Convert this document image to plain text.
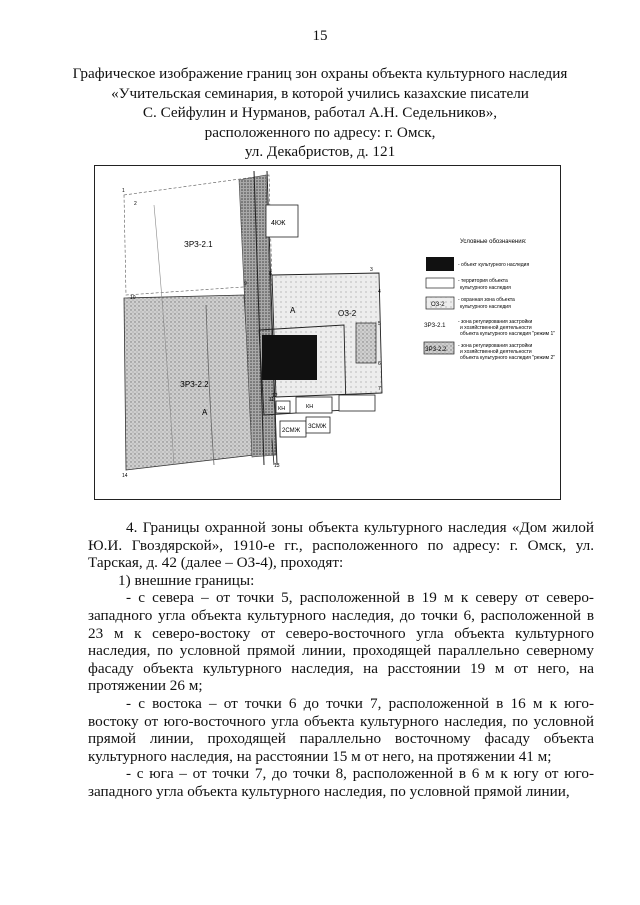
15
Графическое изображение границ зон охраны объекта культурного наследия
«Учительская семинария, в которой учились казахские писатели
С. Сейфулин и Нурманов, работал А.Н. Седельников»,
расположенного по адресу: г. Омск,
ул. Декабристов, д. 121
ЗРЗ-2.1
ЗРЗ-2.2
ОЗ-2
А
А
4КЖ
КН	КН
2СМЖ
ЗСМЖ
1
2
3
4
5
6
7
8
9
10
11
12
13
14
Условные обозначения:
- объект культурного наследия
- территория объекта
культурного наследия
ОЗ-2
- охранная зона объекта
культурного наследия
ЗРЗ-2.1
- зона регулирования застройки
и хозяйственной деятельности
объекта культурного наследия "режим 1"
ЗРЗ-2.2
- зона регулирования застройки
и хозяйственной деятельности
объекта культурного наследия "режим 2"

4. Границы охранной зоны объекта культурного наследия «Дом жилой Ю.И. Гвоздярской», 1910-е гг., расположенного по адресу: г. Омск, ул. Тарская, д. 42 (далее – ОЗ-4), проходят:

1) внешние границы:

- с севера – от точки 5, расположенной в 19 м к северу от северо-западного угла объекта культурного наследия, до точки 6, расположенной в 23 м к северо-востоку от северо-восточного угла объекта культурного наследия, по условной прямой линии, проходящей параллельно северному фасаду объекта культурного наследия, на расстоянии 19 м от него, на протяжении 26 м;

- с востока – от точки 6 до точки 7, расположенной в 16 м к юго-востоку от юго-восточного угла объекта культурного наследия, по условной прямой линии, проходящей параллельно восточному фасаду объекта культурного наследия, на расстоянии 15 м от него, на протяжении 41 м;

- с юга – от точки 7, до точки 8, расположенной в 6 м к югу от юго-западного угла объекта культурного наследия, по условной прямой линии,
